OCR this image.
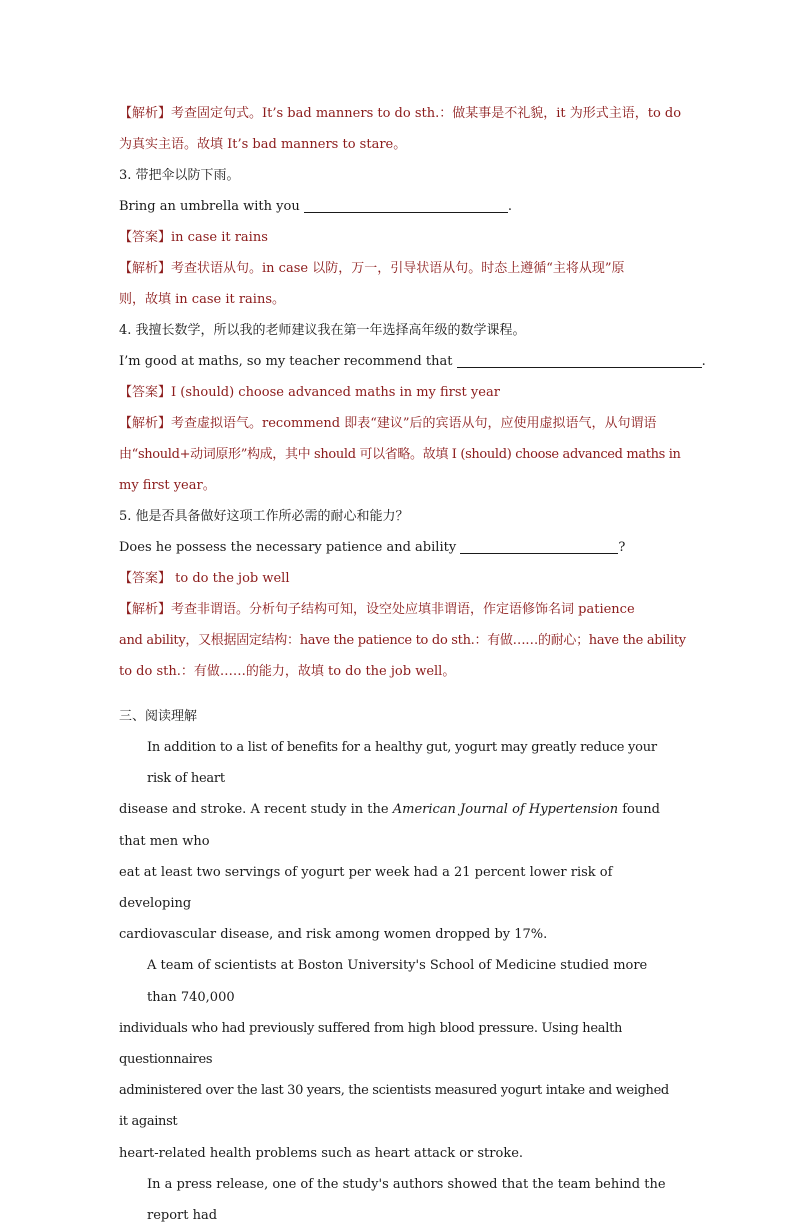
【解析】考查固定句式。It’s bad manners to do sth.：做某事是不礼貌，it 为形式主语，to do
为真实主语。故填 It’s bad manners to stare。
3. 带把伞以防下雨。
Bring an umbrella with you	.
【答案】in case it rains
【解析】考查状语从句。in case 以防，万一，引导状语从句。时态上遵循“主将从现”原
则，故填 in case it rains。
4. 我擅长数学，所以我的老师建议我在第一年选择高年级的数学课程。
I’m good at maths, so my teacher recommend that	.
【答案】I (should) choose advanced maths in my first year
【解析】考查虚拟语气。recommend 即表“建议”后的宾语从句，应使用虚拟语气，从句谓语
由“should+动词原形”构成，其中 should 可以省略。故填 I (should) choose advanced maths in
my first year。
5. 他是否具备做好这项工作所必需的耐心和能力？
Does he possess the necessary patience and ability	?
【答案】 to do the job well
【解析】考查非谓语。分析句子结构可知，设空处应填非谓语，作定语修饰名词 patience
and ability，又根据固定结构：have the patience to do sth.：有做……的耐心；have the ability
to do sth.：有做……的能力，故填 to do the job well。
三、阅读理解
In addition to a list of benefits for a healthy gut, yogurt may greatly reduce your risk of heart
disease and stroke. A recent study in the American Journal of Hypertension found that men who
eat at least two servings of yogurt per week had a 21 percent lower risk of developing
cardiovascular disease, and risk among women dropped by 17%.
A team of scientists at Boston University's School of Medicine studied more than 740,000
individuals who had previously suffered from high blood pressure. Using health questionnaires
administered over the last 30 years, the scientists measured yogurt intake and weighed it against
heart-related health problems such as heart attack or stroke.
In a press release, one of the study's authors showed that the team behind the report had
